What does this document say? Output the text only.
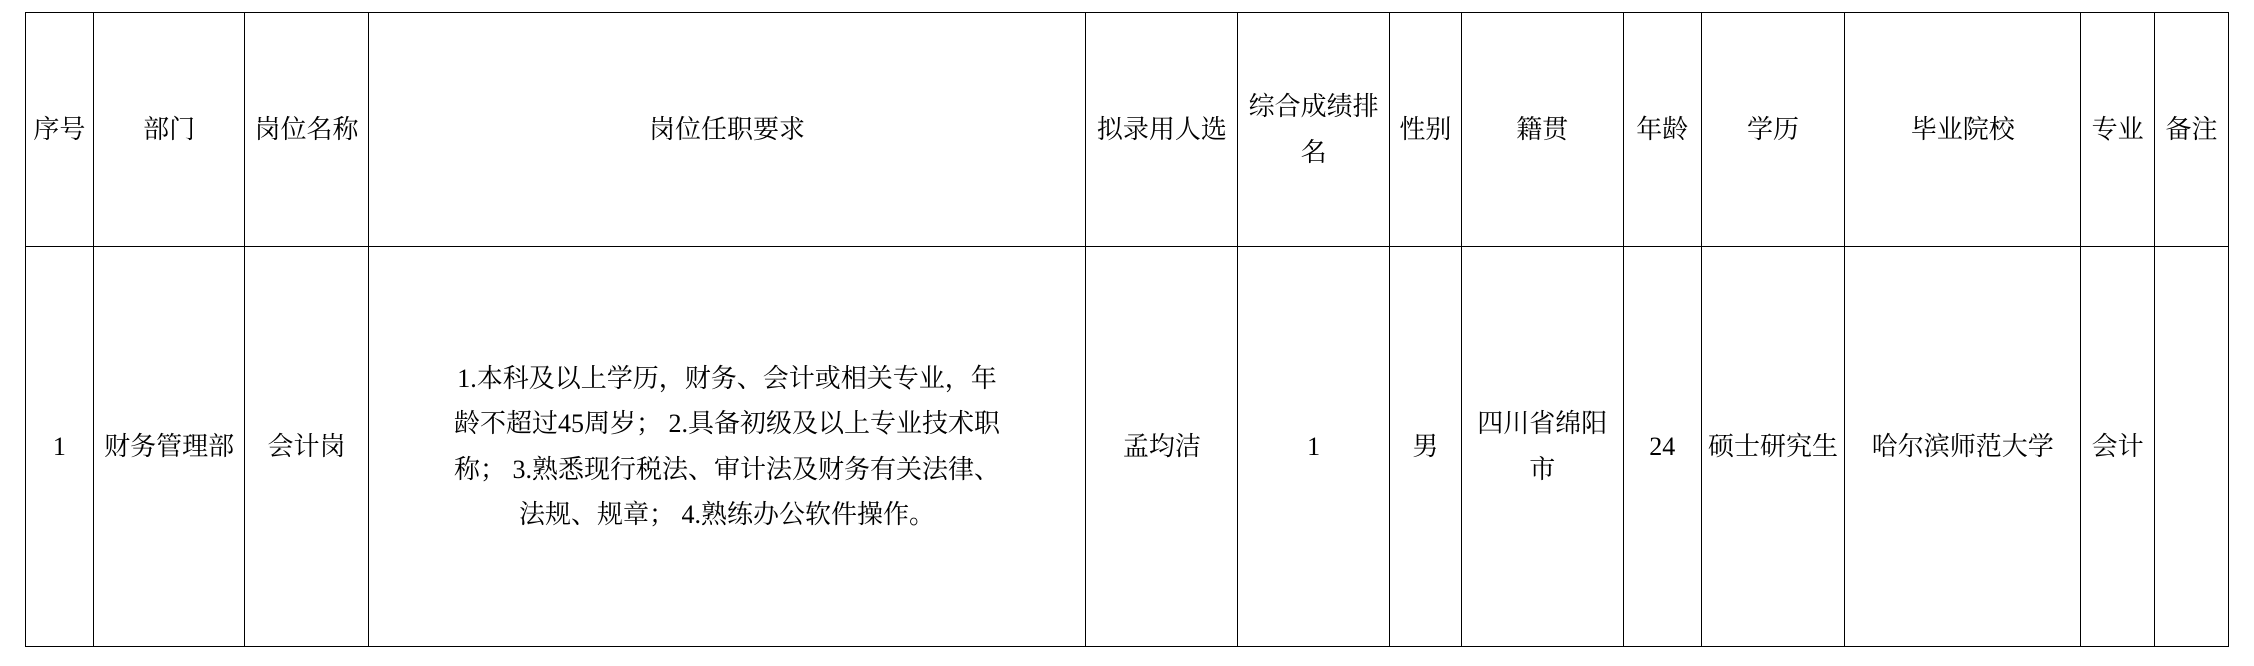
序号	部门	岗位名称	岗位任职要求	拟录用人选	综合成绩排名	性别	籍贯	年龄	学历	毕业院校	专业	备注
1	财务管理部	会计岗	1.本科及以上学历，财务、会计或相关专业，年
龄不超过45周岁； 2.具备初级及以上专业技术职
称； 3.熟悉现行税法、审计法及财务有关法律、
法规、规章； 4.熟练办公软件操作。	孟均洁	1	男	四川省绵阳市	24	硕士研究生	哈尔滨师范大学	会计	
